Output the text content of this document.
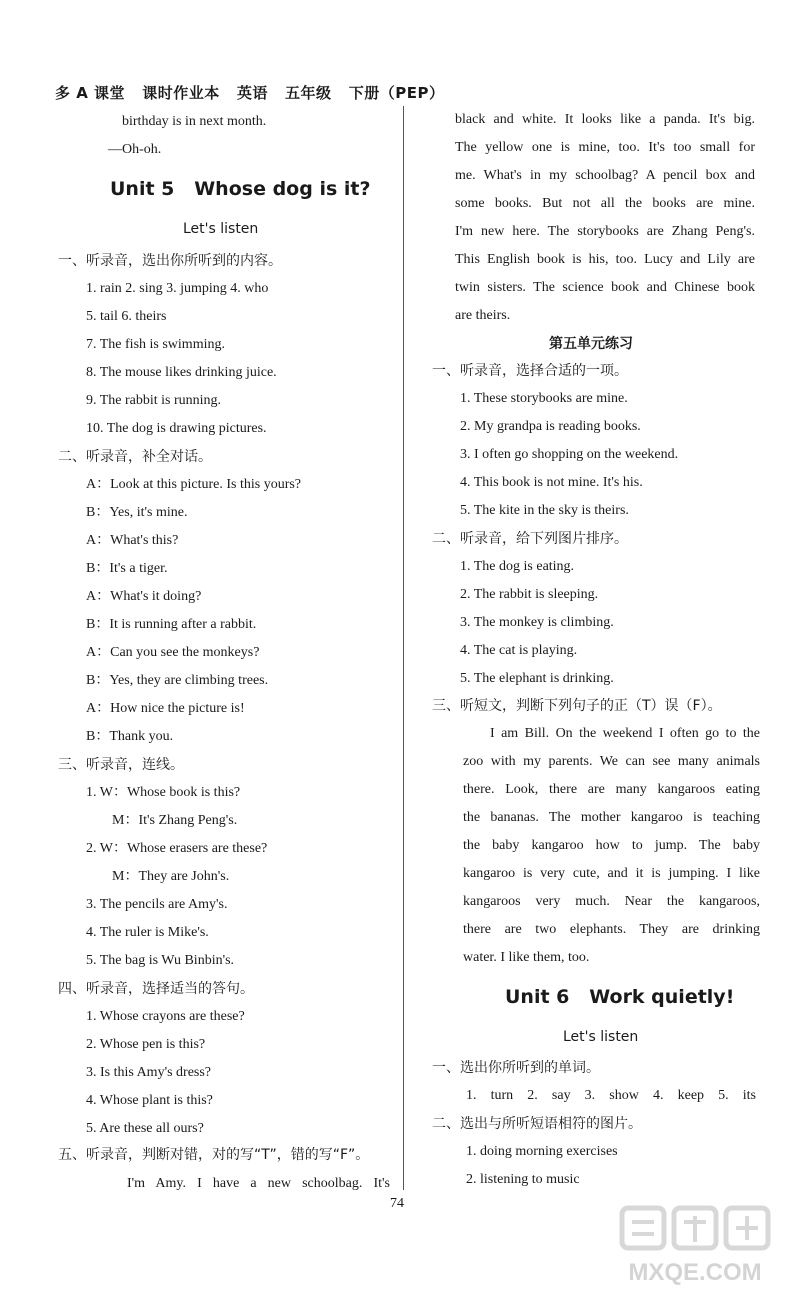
多 A 课堂   课时作业本   英语   五年级   下册（PEP）
birthday is in next month.
—Oh-oh.
Unit 5   Whose dog is it?
Let's listen
一、听录音，选出你所听到的内容。
1. rain 2. sing 3. jumping 4. who
5. tail 6. theirs
7. The fish is swimming.
8. The mouse likes drinking juice.
9. The rabbit is running.
10. The dog is drawing pictures.
二、听录音，补全对话。
A：Look at this picture. Is this yours?
B：Yes, it's mine.
A：What's this?
B：It's a tiger.
A：What's it doing?
B：It is running after a rabbit.
A：Can you see the monkeys?
B：Yes, they are climbing trees.
A：How nice the picture is!
B：Thank you.
三、听录音，连线。
1. W：Whose book is this?
M：It's Zhang Peng's.
2. W：Whose erasers are these?
M：They are John's.
3. The pencils are Amy's.
4. The ruler is Mike's.
5. The bag is Wu Binbin's.
四、听录音，选择适当的答句。
1. Whose crayons are these?
2. Whose pen is this?
3. Is this Amy's dress?
4. Whose plant is this?
5. Are these all ours?
五、听录音，判断对错，对的写“T”，错的写“F”。
I'm Amy. I have a new schoolbag. It's
black and white. It looks like a panda. It's big.
The yellow one is mine, too. It's too small for
me. What's in my schoolbag? A pencil box and
some books. But not all the books are mine.
I'm new here. The storybooks are Zhang Peng's.
This English book is his, too. Lucy and Lily are
twin sisters. The science book and Chinese book
are theirs.
第五单元练习
一、听录音，选择合适的一项。
1. These storybooks are mine.
2. My grandpa is reading books.
3. I often go shopping on the weekend.
4. This book is not mine. It's his.
5. The kite in the sky is theirs.
二、听录音，给下列图片排序。
1. The dog is eating.
2. The rabbit is sleeping.
3. The monkey is climbing.
4. The cat is playing.
5. The elephant is drinking.
三、听短文，判断下列句子的正（T）误（F）。
I am Bill. On the weekend I often go to the
zoo with my parents. We can see many animals
there. Look, there are many kangaroos eating
the bananas. The mother kangaroo is teaching
the baby kangaroo how to jump. The baby
kangaroo is very cute, and it is jumping. I like
kangaroos very much. Near the kangaroos,
there are two elephants. They are drinking
water. I like them, too.
Unit 6   Work quietly!
Let's listen
一、选出你所听到的单词。
1. turn 2. say 3. show 4. keep 5. its
二、选出与所听短语相符的图片。
1. doing morning exercises
2. listening to music
74
MXQE.COM
